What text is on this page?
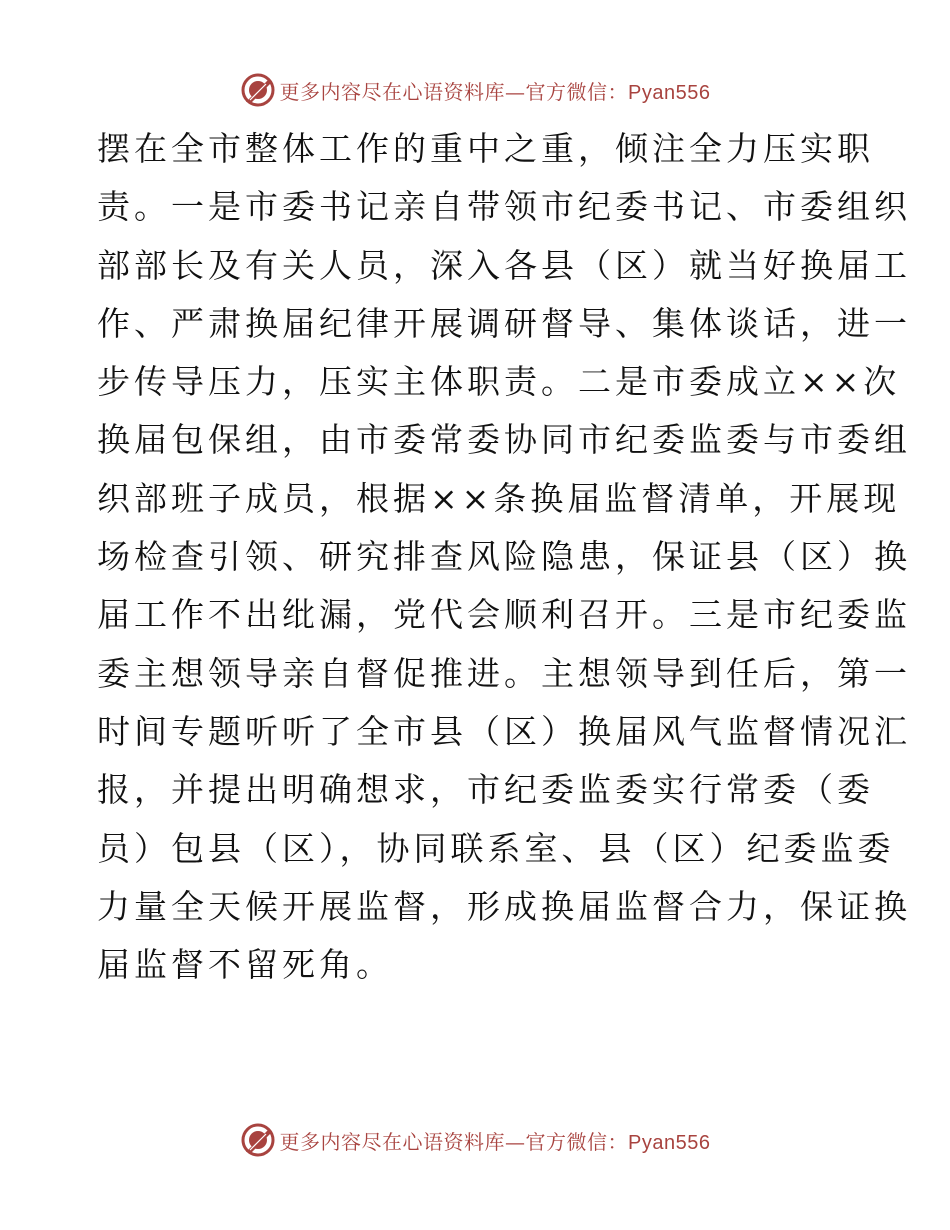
更多内容尽在心语资料库—官方微信：Pyan556
摆在全市整体工作的重中之重，倾注全力压实职
责。一是市委书记亲自带领市纪委书记、市委组织
部部长及有关人员，深入各县（区）就当好换届工
作、严肃换届纪律开展调研督导、集体谈话，进一
步传导压力，压实主体职责。二是市委成立××次
换届包保组，由市委常委协同市纪委监委与市委组
织部班子成员，根据××条换届监督清单，开展现
场检查引领、研究排查风险隐患，保证县（区）换
届工作不出纰漏，党代会顺利召开。三是市纪委监
委主想领导亲自督促推进。主想领导到任后，第一
时间专题听听了全市县（区）换届风气监督情况汇
报，并提出明确想求，市纪委监委实行常委（委
员）包县（区），协同联系室、县（区）纪委监委
力量全天候开展监督，形成换届监督合力，保证换
届监督不留死角。
更多内容尽在心语资料库—官方微信：Pyan556
